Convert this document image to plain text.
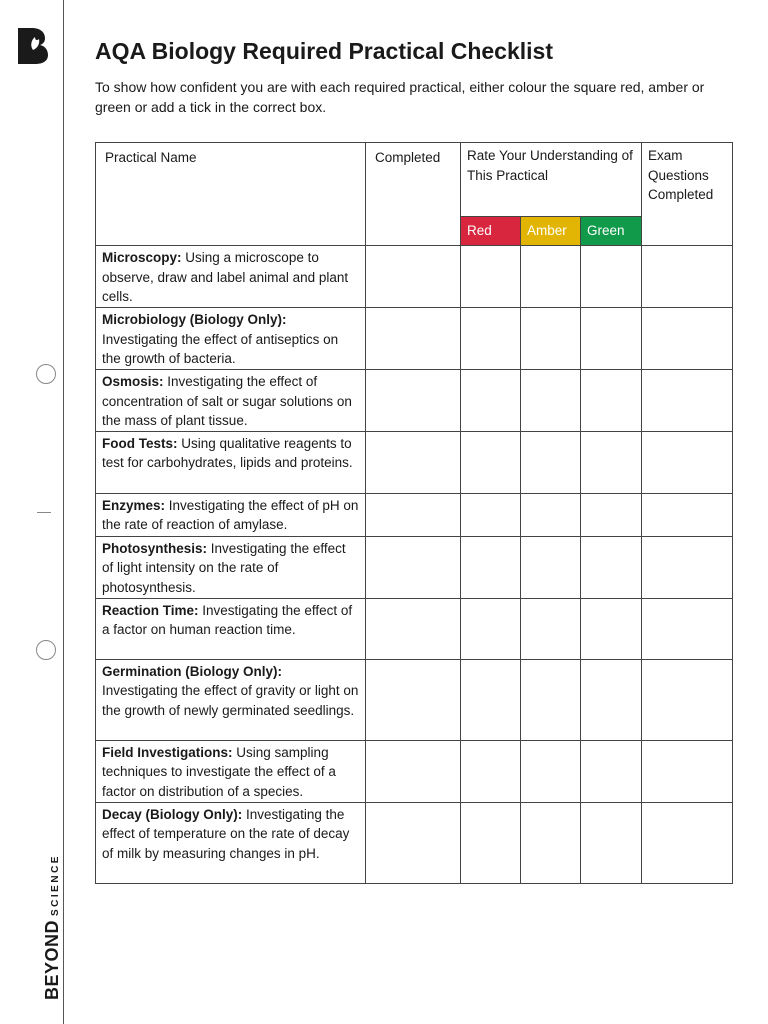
BEYONDSCIENCE
AQA Biology Required Practical Checklist

To show how confident you are with each required practical, either colour the square red, amber or green or add a tick in the correct box.

Practical Name	Completed	Rate Your Understanding of This Practical			Exam Questions Completed
		Red	Amber	Green	
Microscopy: Using a microscope to observe, draw and label animal and plant cells.					
Microbiology (Biology Only): Investigating the effect of antiseptics on the growth of bacteria.					
Osmosis: Investigating the effect of concentration of salt or sugar solutions on the mass of plant tissue.					
Food Tests: Using qualitative reagents to test for carbohydrates, lipids and proteins.					
Enzymes: Investigating the effect of pH on the rate of reaction of amylase.					
Photosynthesis: Investigating the effect of light intensity on the rate of photosynthesis.					
Reaction Time: Investigating the effect of a factor on human reaction time.					
Germination (Biology Only): Investigating the effect of gravity or light on the growth of newly germinated seedlings.					
Field Investigations: Using sampling techniques to investigate the effect of a factor on distribution of a species.					
Decay (Biology Only): Investigating the effect of temperature on the rate of decay of milk by measuring changes in pH.					
